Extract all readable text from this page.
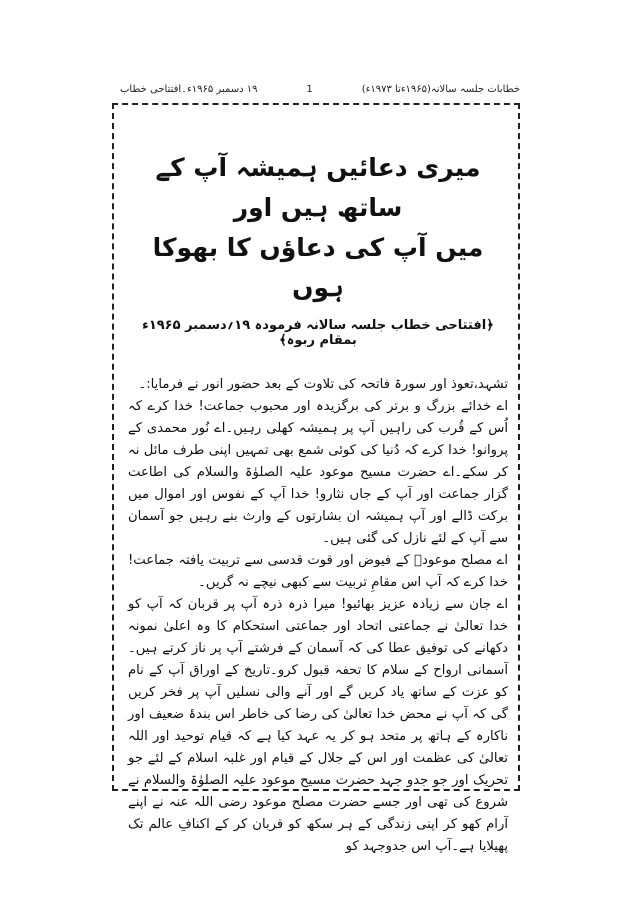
خطابات جلسہ سالانہ(۱۹۶۵ءتا ۱۹۷۳ء)
1
۱۹ دسمبر ۱۹۶۵ء۔افتتاحی خطاب
میری دعائیں ہمیشہ آپ کے ساتھ ہیں اور
میں آپ کی دعاؤں کا بھوکا ہوں
﴿افتتاحی خطاب جلسہ سالانہ فرمودہ ۱۹؍دسمبر ۱۹۶۵ء بمقام ربوہ﴾

تشہد،تعوذ اور سورۃ فاتحہ کی تلاوت کے بعد حضور انور نے فرمایا:۔

اے خدائے بزرگ و برتر کی برگزیدہ اور محبوب جماعت! خدا کرے کہ اُس کے قُرب کی راہیں آپ پر ہمیشہ کھلی رہیں۔اے نُور محمدی کے پروانو! خدا کرے کہ دُنیا کی کوئی شمع بھی تمہیں اپنی طرف مائل نہ کر سکے۔اے حضرت مسیح موعود علیہ الصلوٰۃ والسلام کی اطاعت گزار جماعت اور آپ کے جاں نثارو! خدا آپ کے نفوس اور اموال میں برکت ڈالے اور آپ ہمیشہ ان بشارتوں کے وارث بنے رہیں جو آسمان سے آپ کے لئے نازل کی گئی ہیں۔

اے مصلح موعودؓ کے فیوض اور قوت قدسی سے تربیت یافتہ جماعت! خدا کرے کہ آپ اس مقامِ تربیت سے کبھی نیچے نہ گریں۔

اے جان سے زیادہ عزیز بھائیو! میرا ذرہ ذرہ آپ پر قربان کہ آپ کو خدا تعالیٰ نے جماعتی اتحاد اور جماعتی استحکام کا وہ اعلیٰ نمونہ دکھانے کی توفیق عطا کی کہ آسمان کے فرشتے آپ پر ناز کرتے ہیں۔آسمانی ارواح کے سلام کا تحفہ قبول کرو۔تاریخ کے اوراق آپ کے نام کو عزت کے ساتھ یاد کریں گے اور آنے والی نسلیں آپ پر فخر کریں گی کہ آپ نے محض خدا تعالیٰ کی رضا کی خاطر اس بندۂ ضعیف اور ناکارہ کے ہاتھ پر متحد ہو کر یہ عہد کیا ہے کہ قیام توحید اور اللہ تعالیٰ کی عظمت اور اس کے جلال کے قیام اور غلبہ اسلام کے لئے جو تحریک اور جو جدو جہد حضرت مسیح موعود علیہ الصلوٰۃ والسلام نے شروع کی تھی اور جسے حضرت مصلح موعود رضی اللہ عنہ نے اپنے آرام کھو کر اپنی زندگی کے ہر سکھ کو قربان کر کے اکنافِ عالم تک پھیلایا ہے۔آپ اس جدوجہد کو
